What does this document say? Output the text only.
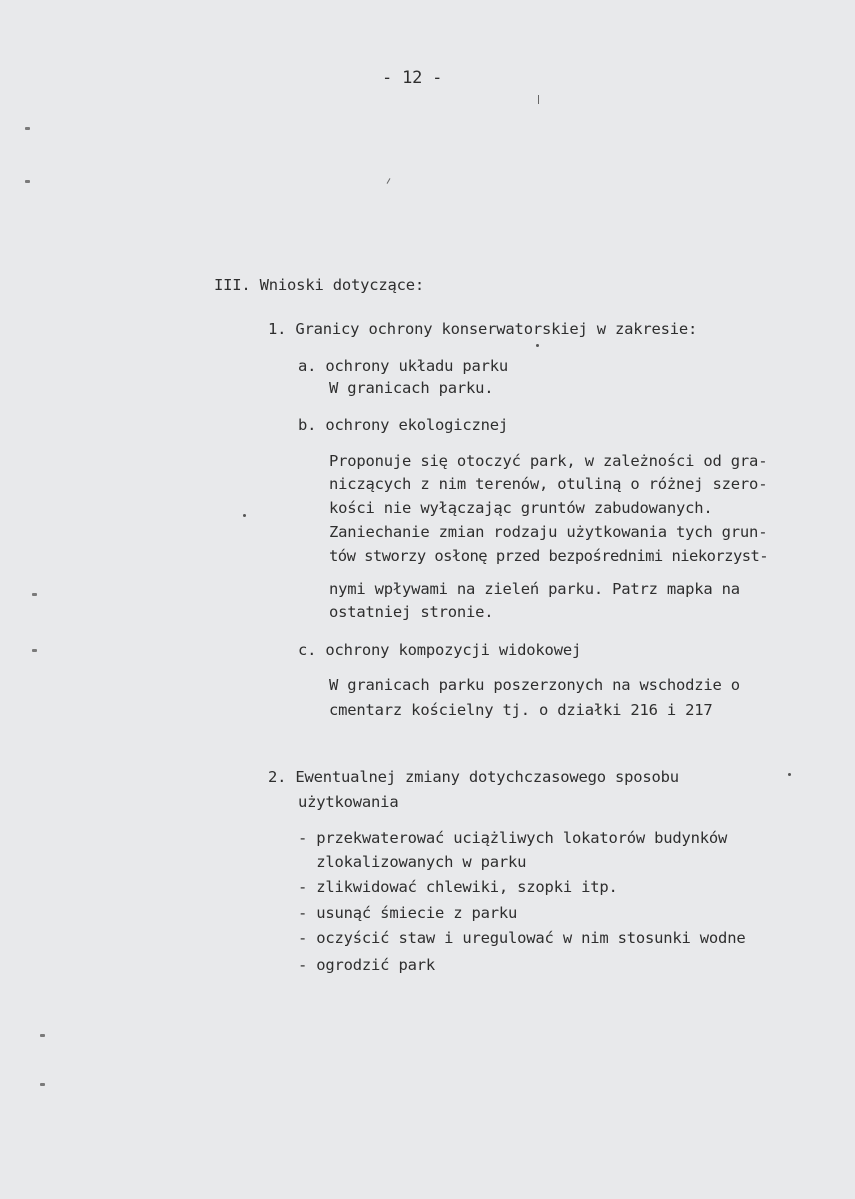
- 12 -
III. Wnioski dotyczące:
1. Granicy ochrony konserwatorskiej w zakresie:
a. ochrony układu parku
W granicach parku.
b. ochrony ekologicznej
Proponuje się otoczyć park, w zależności od gra-
niczących z nim terenów, otuliną o różnej szero-
kości nie wyłączając gruntów zabudowanych.
Zaniechanie zmian rodzaju użytkowania tych grun-
tów stworzy osłonę przed bezpośrednimi niekorzyst-
nymi wpływami na zieleń parku. Patrz mapka na
ostatniej stronie.
c. ochrony kompozycji widokowej
W granicach parku poszerzonych na wschodzie o
cmentarz kościelny tj. o działki 216 i 217
2. Ewentualnej zmiany dotychczasowego sposobu
użytkowania
- przekwaterować uciążliwych lokatorów budynków
zlokalizowanych w parku
- zlikwidować chlewiki, szopki itp.
- usunąć śmiecie z parku
- oczyścić staw i uregulować w nim stosunki wodne
- ogrodzić park
